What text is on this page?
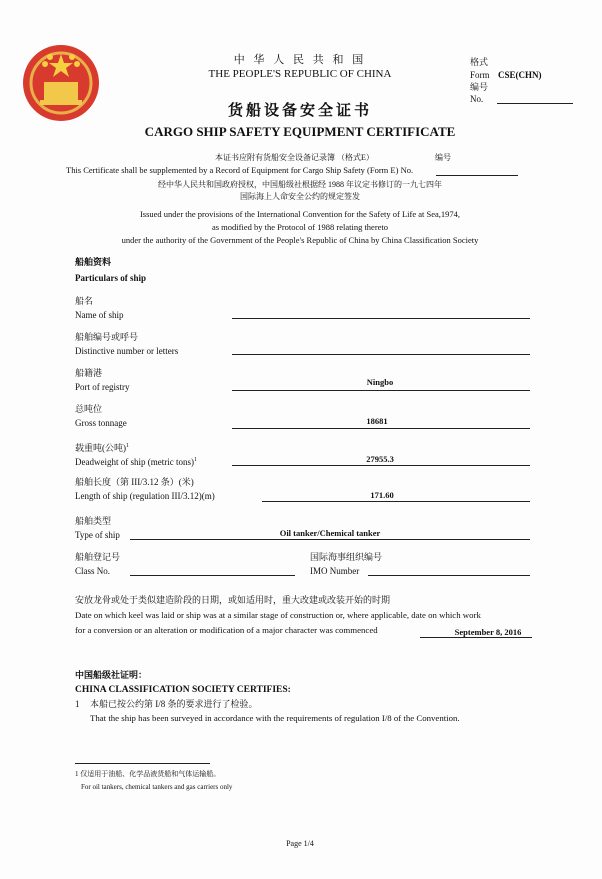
中 华 人 民 共 和 国
THE PEOPLE'S REPUBLIC OF CHINA
货船设备安全证书
CARGO SHIP SAFETY EQUIPMENT CERTIFICATE
格式
Form CSE(CHN)
编号
No.
本证书应附有货船安全设备记录簿 （格式E）	编号
This Certificate shall be supplemented by a Record of Equipment for Cargo Ship Safety (Form E) No.
经中华人民共和国政府授权，中国船级社根据经 1988 年议定书修订的一九七四年
国际海上人命安全公约的规定签发
Issued under the provisions of the International Convention for the Safety of Life at Sea,1974,
as modified by the Protocol of 1988 relating thereto
under the authority of the Government of the People's Republic of China by China Classification Society
船舶资料
Particulars of ship
船名
Name of ship
船舶编号或呼号
Distinctive number or letters
船籍港
Port of registry	Ningbo
总吨位
Gross tonnage	18681
载重吨(公吨)$^1$
Deadweight of ship (metric tons)$^1$	27955.3
船舶长度（第 III/3.12 条）(米)
Length of ship (regulation III/3.12)(m)	171.60
船舶类型
Type of ship	Oil tanker/Chemical tanker
船舶登记号
Class No.
国际海事组织编号
IMO Number
安放龙骨或处于类似建造阶段的日期，或如适用时，重大改建或改装开始的时期
Date on which keel was laid or ship was at a similar stage of construction or, where applicable, date on which work
for a conversion or an alteration or modification of a major character was commenced	September 8, 2016
中国船级社证明：
CHINA CLASSIFICATION SOCIETY CERTIFIES:
1 本船已按公约第 I/8 条的要求进行了检验。
That the ship has been surveyed in accordance with the requirements of regulation I/8 of the Convention.
1 仅适用于油船、化学品液货船和气体运输船。
For oil tankers, chemical tankers and gas carriers only
Page 1/4
